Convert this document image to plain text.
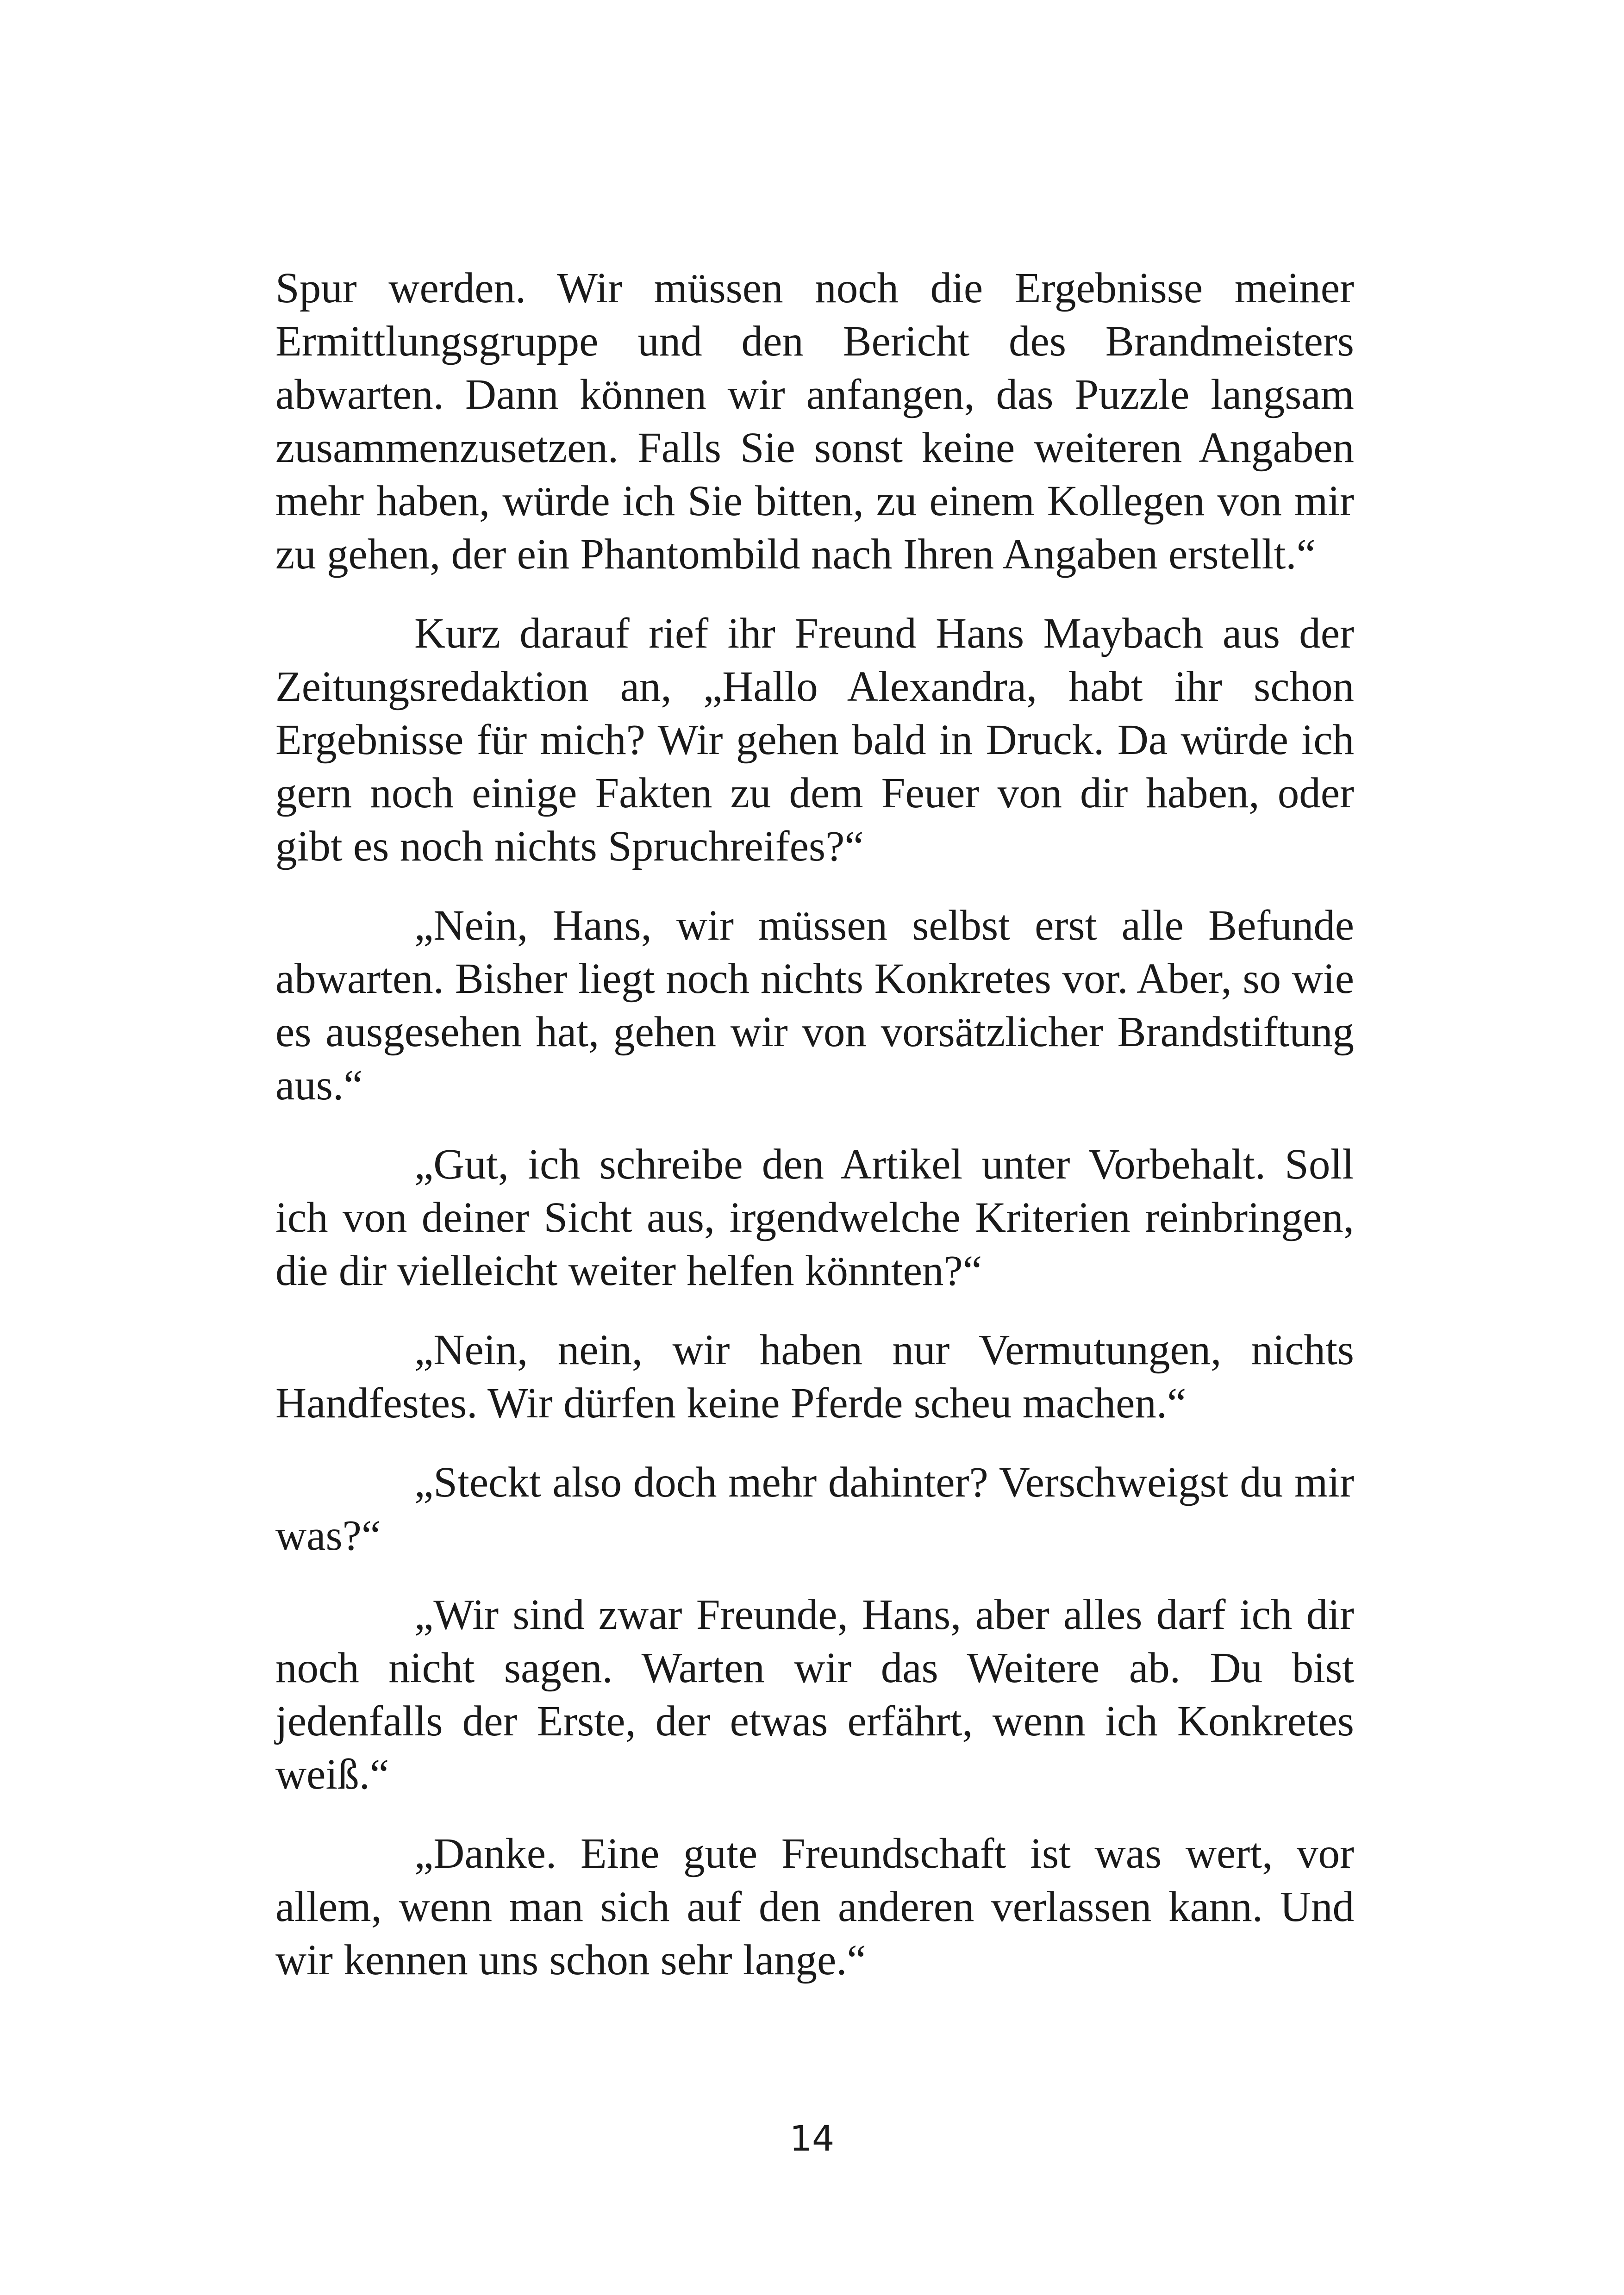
Spur werden. Wir müssen noch die Ergebnisse meiner Ermittlungsgruppe und den Bericht des Brandmeisters abwarten. Dann können wir anfangen, das Puzzle langsam zusammenzusetzen. Falls Sie sonst keine weiteren Angaben mehr haben, würde ich Sie bitten, zu einem Kollegen von mir zu gehen, der ein Phantombild nach Ihren Angaben erstellt.“

Kurz darauf rief ihr Freund Hans Maybach aus der Zeitungsredaktion an, „Hallo Alexandra, habt ihr schon Ergebnisse für mich? Wir gehen bald in Druck. Da würde ich gern noch einige Fakten zu dem Feuer von dir haben, oder gibt es noch nichts Spruchreifes?“

„Nein, Hans, wir müssen selbst erst alle Befunde abwarten. Bisher liegt noch nichts Konkretes vor. Aber, so wie es ausgesehen hat, gehen wir von vorsätzlicher Brandstiftung aus.“

„Gut, ich schreibe den Artikel unter Vorbehalt. Soll ich von deiner Sicht aus, irgendwelche Kriterien reinbringen, die dir vielleicht weiter helfen könnten?“

„Nein, nein, wir haben nur Vermutungen, nichts Handfestes. Wir dürfen keine Pferde scheu machen.“

„Steckt also doch mehr dahinter? Verschweigst du mir was?“

„Wir sind zwar Freunde, Hans, aber alles darf ich dir noch nicht sagen. Warten wir das Weitere ab. Du bist jedenfalls der Erste, der etwas erfährt, wenn ich Konkretes weiß.“

„Danke. Eine gute Freundschaft ist was wert, vor allem, wenn man sich auf den anderen verlassen kann. Und wir kennen uns schon sehr lange.“

14
